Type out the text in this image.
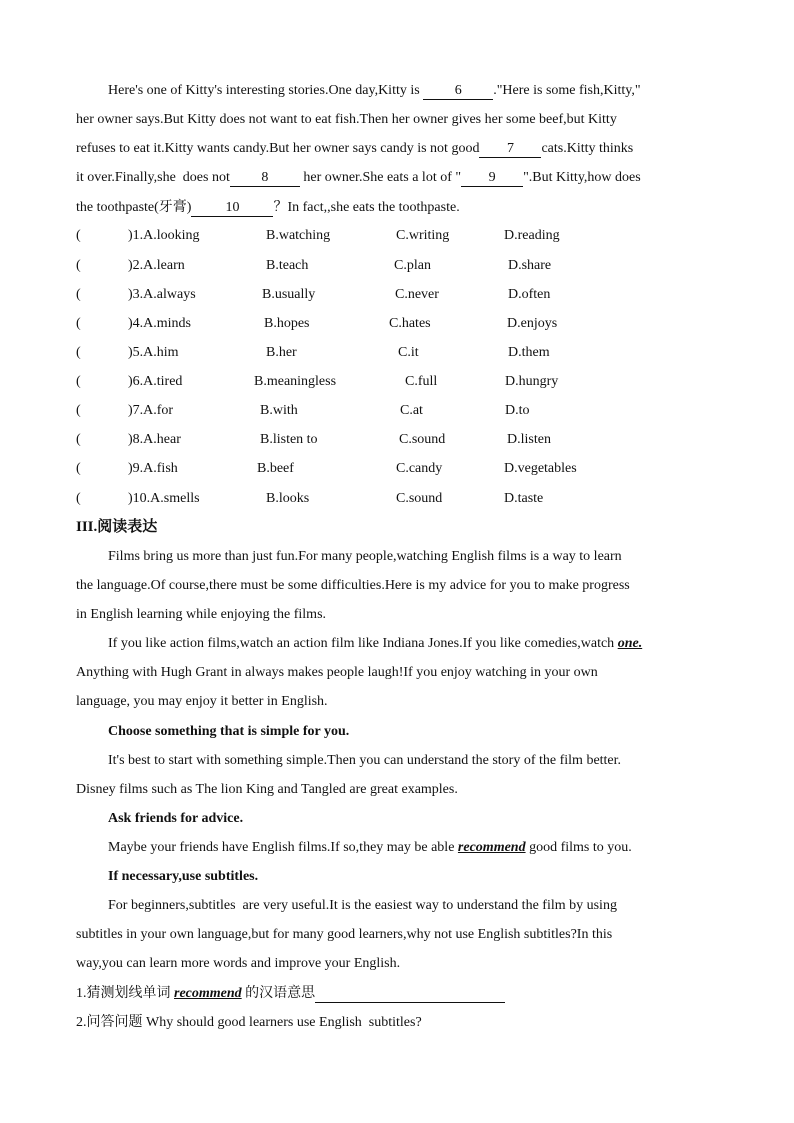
Here's one of Kitty's interesting stories.One day,Kitty is 6 ."Here is some fish,Kitty,"
her owner says.But Kitty does not want to eat fish.Then her owner gives her some beef,but Kitty
refuses to eat it.Kitty wants candy.But her owner says candy is not good 7 cats.Kitty thinks
it over.Finally,she  does not 8 her owner.She eats a lot of " 9 ".But Kitty,how does
the toothpaste(牙膏) 10 ？In fact,,she eats the toothpaste.
(	)1.A.looking	B.watching	C.writing	D.reading
(	)2.A.learn	B.teach	C.plan	D.share
(	)3.A.always	B.usually	C.never	D.often
(	)4.A.minds	B.hopes	C.hates	D.enjoys
(	)5.A.him	B.her	C.it	D.them
(	)6.A.tired	B.meaningless	C.full	D.hungry
(	)7.A.for	B.with	C.at	D.to
(	)8.A.hear	B.listen to	C.sound	D.listen
(	)9.A.fish	B.beef	C.candy	D.vegetables
(	)10.A.smells	B.looks	C.sound	D.taste
III.阅读表达
Films bring us more than just fun.For many people,watching English films is a way to learn
the language.Of course,there must be some difficulties.Here is my advice for you to make progress
in English learning while enjoying the films.
If you like action films,watch an action film like Indiana Jones.If you like comedies,watch one.
Anything with Hugh Grant in always makes people laugh!If you enjoy watching in your own
language, you may enjoy it better in English.
Choose something that is simple for you.
It's best to start with something simple.Then you can understand the story of the film better.
Disney films such as The lion King and Tangled are great examples.
Ask friends for advice.
Maybe your friends have English films.If so,they may be able recommend good films to you.
If necessary,use subtitles.
For beginners,subtitles  are very useful.It is the easiest way to understand the film by using
subtitles in your own language,but for many good learners,why not use English subtitles?In this
way,you can learn more words and improve your English.
1.猜测划线单词 recommend 的汉语意思
2.问答问题 Why should good learners use English  subtitles?
